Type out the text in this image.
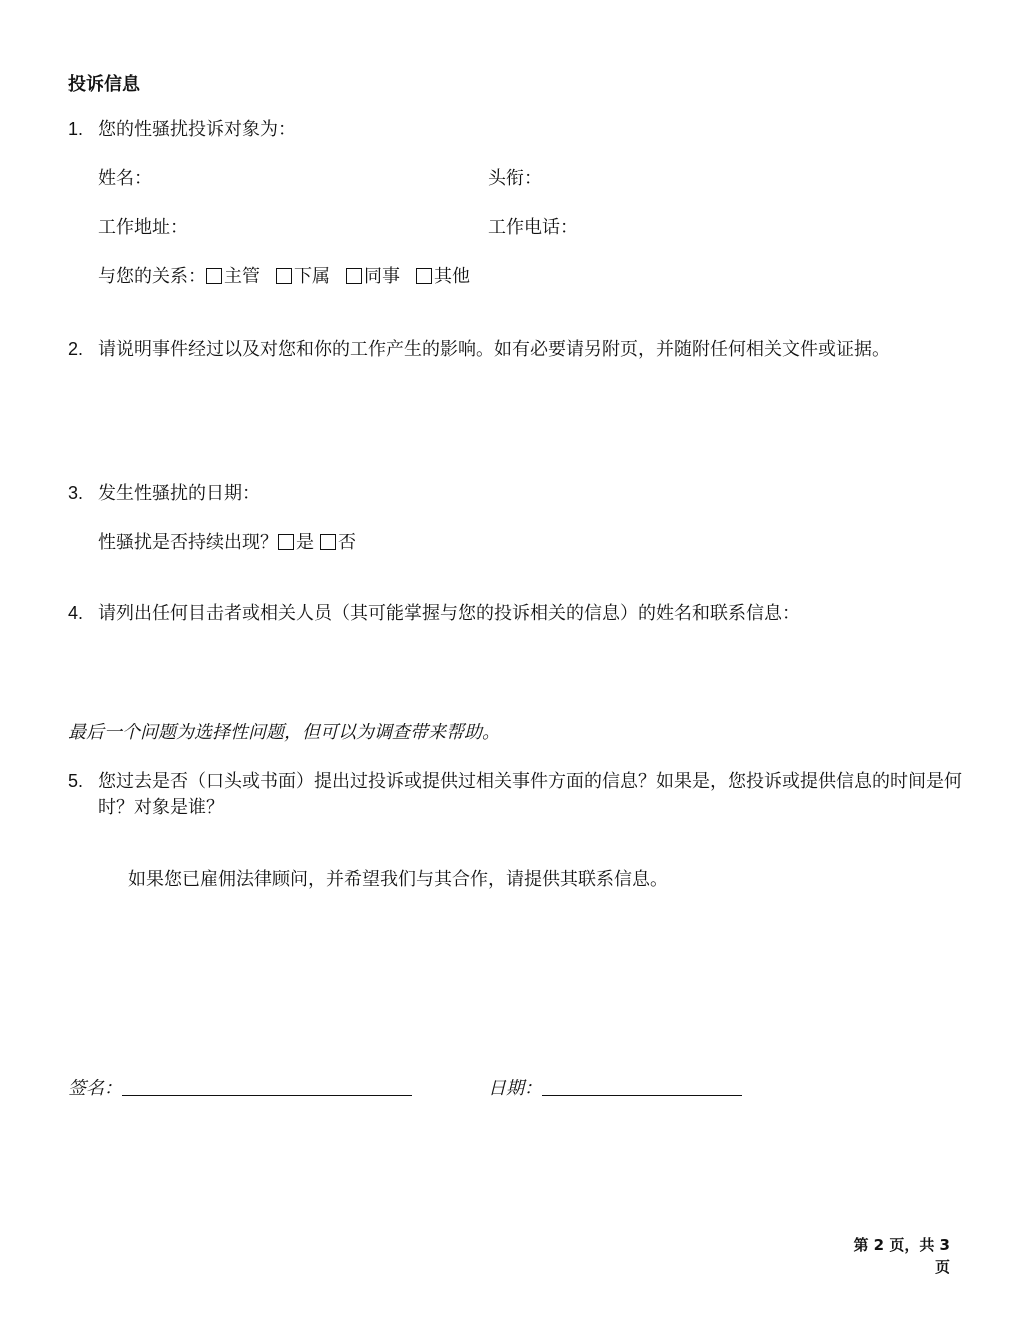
投诉信息
1. 您的性骚扰投诉对象为：
姓名：	头衔：
工作地址：	工作电话：
与您的关系： 主管 下属 同事 其他
2. 请说明事件经过以及对您和你的工作产生的影响。如有必要请另附页，并随附任何相关文件或证据。
3. 发生性骚扰的日期：
性骚扰是否持续出现？ 是 否
4. 请列出任何目击者或相关人员（其可能掌握与您的投诉相关的信息）的姓名和联系信息：
最后一个问题为选择性问题，但可以为调查带来帮助。
5. 您过去是否（口头或书面）提出过投诉或提供过相关事件方面的信息？如果是，您投诉或提供信息的时间是何时？对象是谁？
如果您已雇佣法律顾问，并希望我们与其合作，请提供其联系信息。
签名：	日期：
第 2 页，共 3
页
